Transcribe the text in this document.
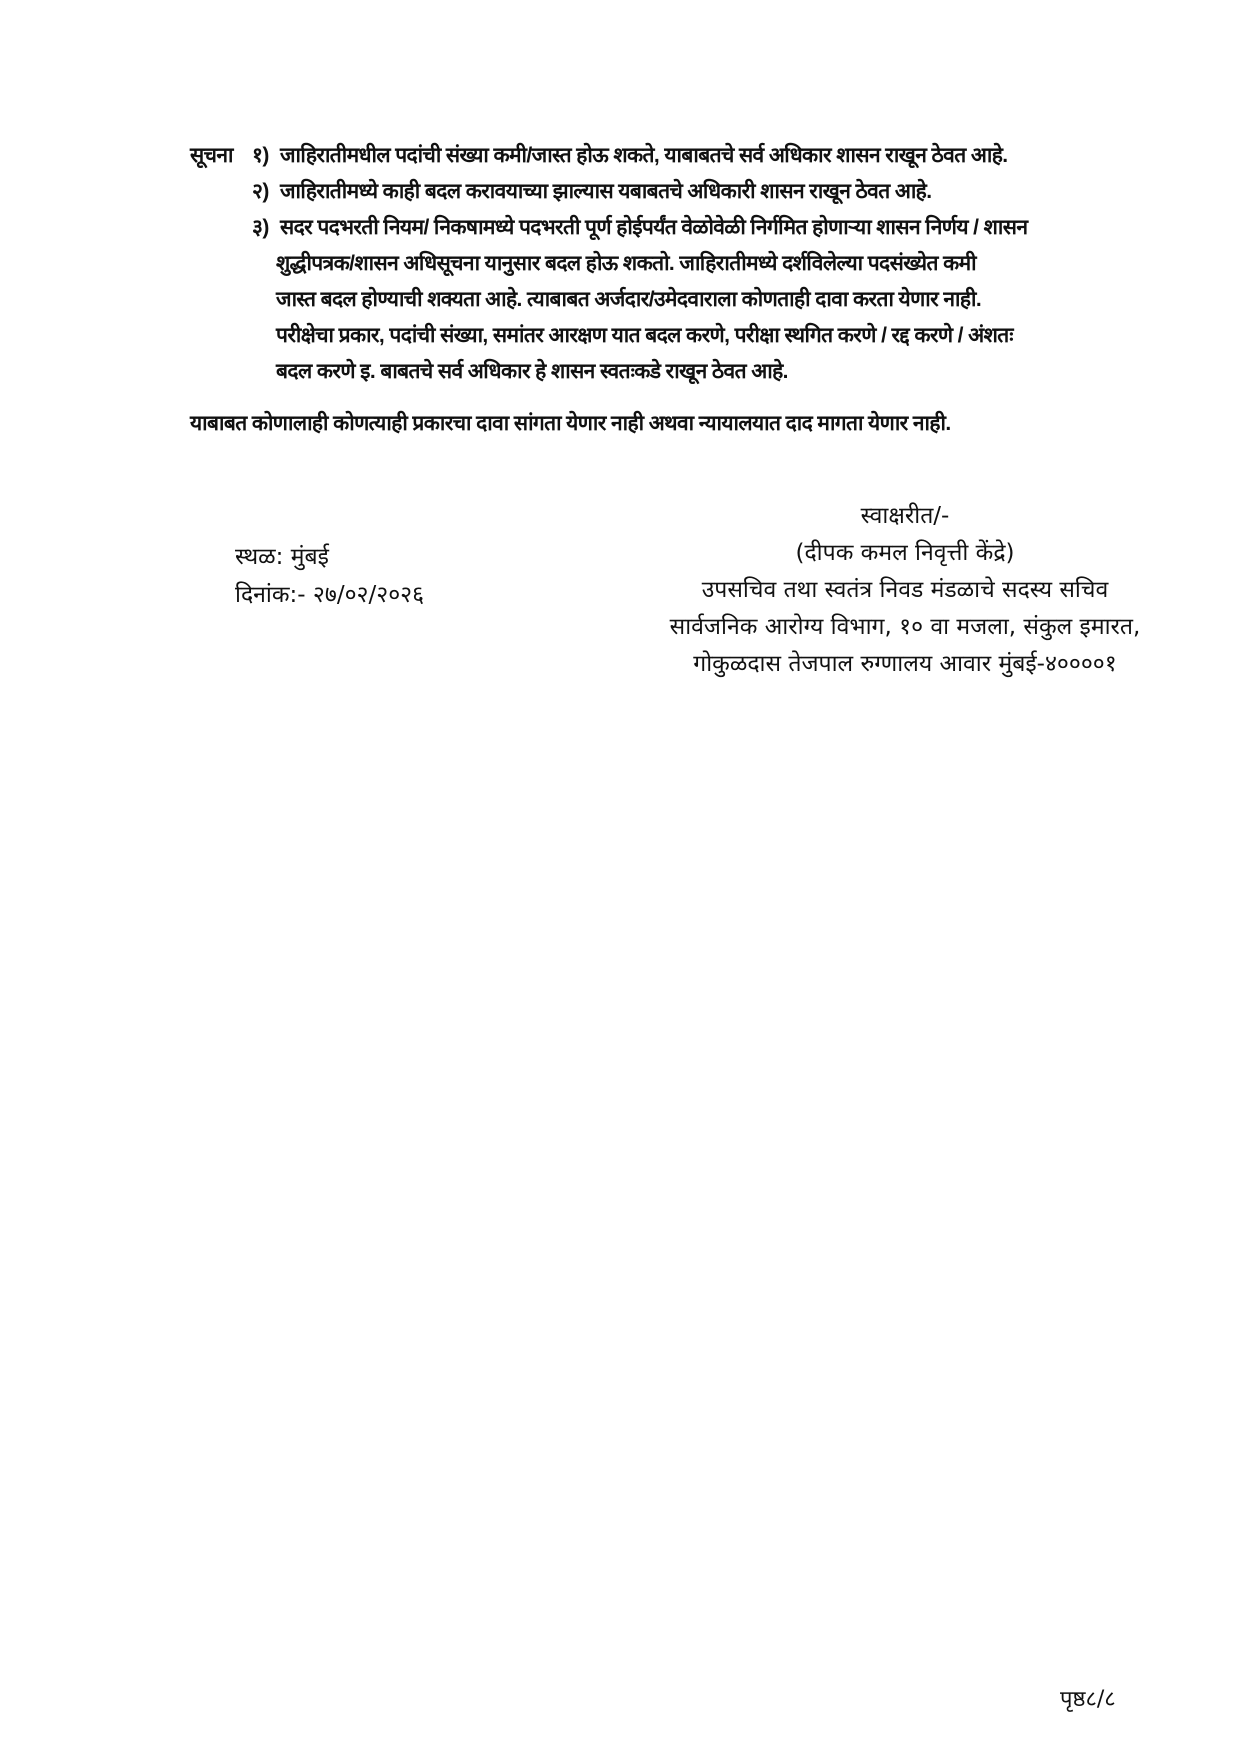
सूचना १) जाहिरातीमधील पदांची संख्या कमी/जास्त होऊ शकते, याबाबतचे सर्व अधिकार शासन राखून ठेवत आहे.
२) जाहिरातीमध्ये काही बदल करावयाच्या झाल्यास यबाबतचे अधिकारी शासन राखून ठेवत आहे.
३) सदर पदभरती नियम/ निकषामध्ये पदभरती पूर्ण होईपर्यंत वेळोवेळी निर्गमित होणाऱ्या शासन निर्णय / शासन
शुद्धीपत्रक/शासन अधिसूचना यानुसार बदल होऊ शकतो. जाहिरातीमध्ये दर्शविलेल्या पदसंख्येत कमी
जास्त बदल होण्याची शक्यता आहे. त्याबाबत अर्जदार/उमेदवाराला कोणताही दावा करता येणार नाही.
परीक्षेचा प्रकार, पदांची संख्या, समांतर आरक्षण यात बदल करणे, परीक्षा स्थगित करणे / रद्द करणे / अंशतः
बदल करणे इ. बाबतचे सर्व अधिकार हे शासन स्वतःकडे राखून ठेवत आहे.
याबाबत कोणालाही कोणत्याही प्रकारचा दावा सांगता येणार नाही अथवा न्यायालयात दाद मागता येणार नाही.
स्थळ: मुंबई
दिनांक:- २७/०२/२०२६
स्वाक्षरीत/-
(दीपक कमल निवृत्ती केंद्रे)
उपसचिव तथा स्वतंत्र निवड मंडळाचे सदस्य सचिव
सार्वजनिक आरोग्य विभाग, १० वा मजला, संकुल इमारत,
गोकुळदास तेजपाल रुग्णालय आवार मुंबई-४००००१
पृष्ठ८/८
